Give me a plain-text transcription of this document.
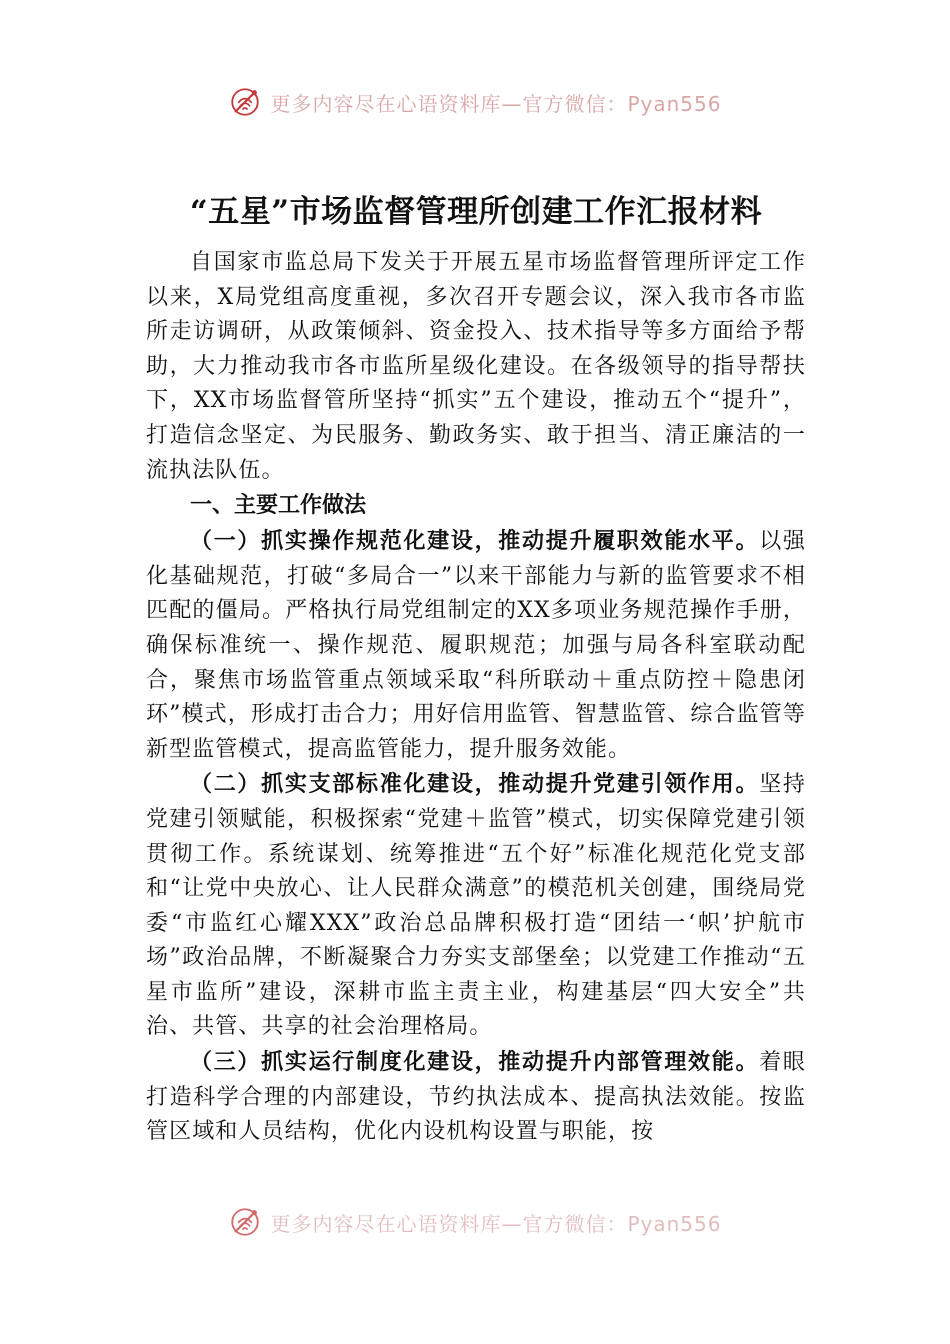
更多内容尽在心语资料库—官方微信：Pyan556
“五星”市场监督管理所创建工作汇报材料

自国家市监总局下发关于开展五星市场监督管理所评定工作以来，X局党组高度重视，多次召开专题会议，深入我市各市监所走访调研，从政策倾斜、资金投入、技术指导等多方面给予帮助，大力推动我市各市监所星级化建设。在各级领导的指导帮扶下，XX市场监督管所坚持“抓实”五个建设，推动五个“提升”，打造信念坚定、为民服务、勤政务实、敢于担当、清正廉洁的一流执法队伍。

一、主要工作做法

（一）抓实操作规范化建设，推动提升履职效能水平。以强化基础规范，打破“多局合一”以来干部能力与新的监管要求不相匹配的僵局。严格执行局党组制定的XX多项业务规范操作手册，确保标准统一、操作规范、履职规范；加强与局各科室联动配合，聚焦市场监管重点领域采取“科所联动＋重点防控＋隐患闭环”模式，形成打击合力；用好信用监管、智慧监管、综合监管等新型监管模式，提高监管能力，提升服务效能。

（二）抓实支部标准化建设，推动提升党建引领作用。坚持党建引领赋能，积极探索“党建＋监管”模式，切实保障党建引领贯彻工作。系统谋划、统筹推进“五个好”标准化规范化党支部和“让党中央放心、让人民群众满意”的模范机关创建，围绕局党委“市监红心耀XXX”政治总品牌积极打造“团结一‘帜’护航市场”政治品牌，不断凝聚合力夯实支部堡垒；以党建工作推动“五星市监所”建设，深耕市监主责主业，构建基层“四大安全”共治、共管、共享的社会治理格局。

（三）抓实运行制度化建设，推动提升内部管理效能。着眼打造科学合理的内部建设，节约执法成本、提高执法效能。按监管区域和人员结构，优化内设机构设置与职能，按

更多内容尽在心语资料库—官方微信：Pyan556
